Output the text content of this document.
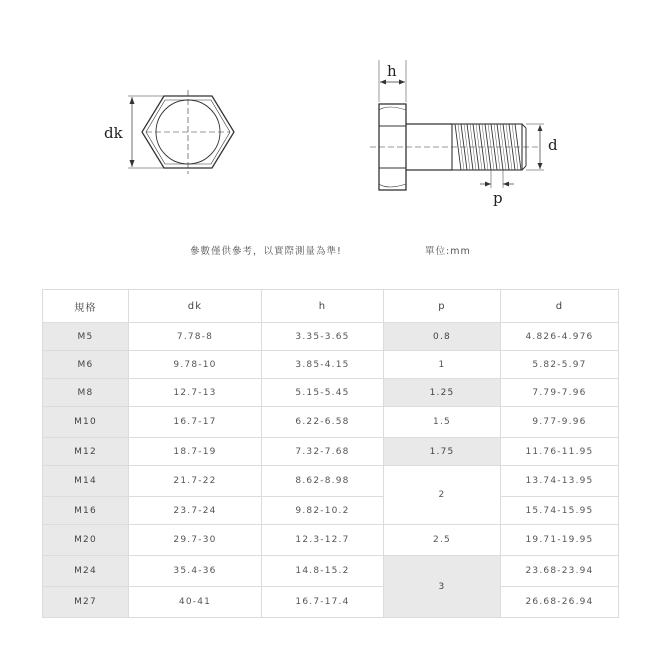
dk
h
d
p
參數僅供參考，以實際測量為準!	單位:mm
規格	dk	h	p	d
M5	7.78-8	3.35-3.65	0.8	4.826-4.976
M6	9.78-10	3.85-4.15	1	5.82-5.97
M8	12.7-13	5.15-5.45	1.25	7.79-7.96
M10	16.7-17	6.22-6.58	1.5	9.77-9.96
M12	18.7-19	7.32-7.68	1.75	11.76-11.95
M14	21.7-22	8.62-8.98	2	13.74-13.95
M16	23.7-24	9.82-10.2		15.74-15.95
M20	29.7-30	12.3-12.7	2.5	19.71-19.95
M24	35.4-36	14.8-15.2	3	23.68-23.94
M27	40-41	16.7-17.4		26.68-26.94
